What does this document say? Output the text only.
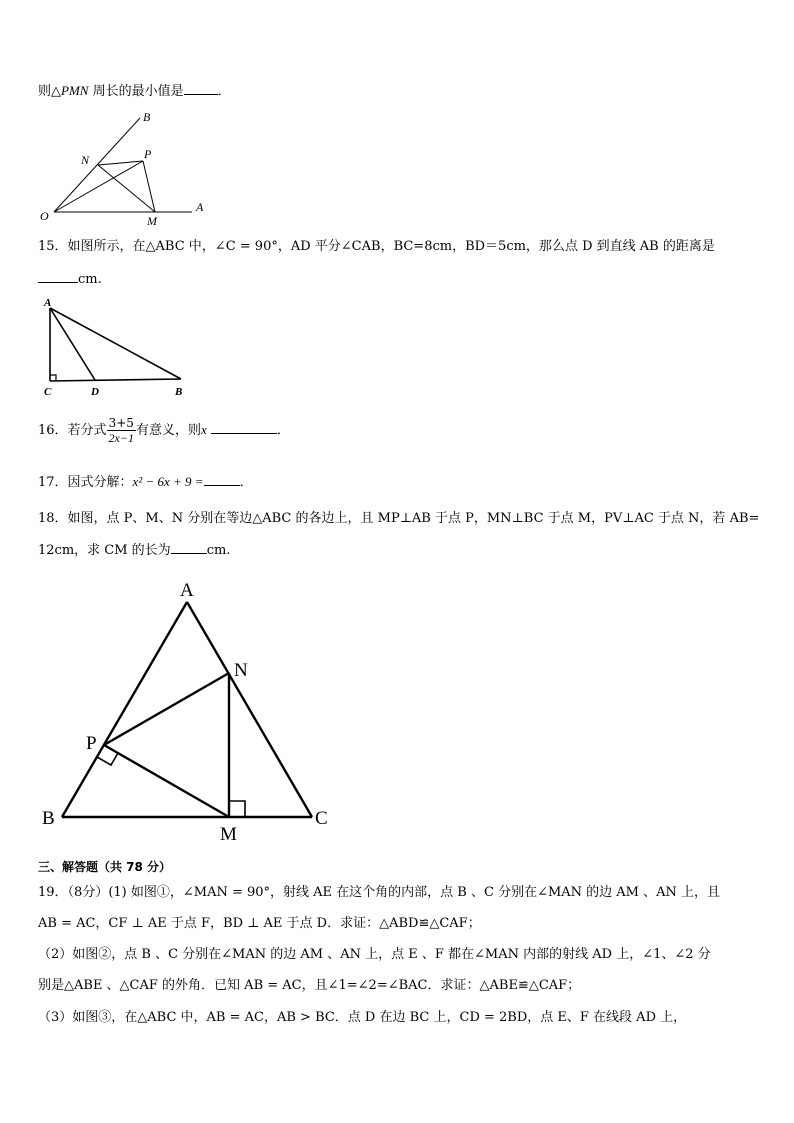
则△PMN 周长的最小值是	．
B
N	P
O	M
A
15．如图所示，在△ABC 中，∠C = 90°，AD 平分∠CAB，BC=8cm，BD＝5cm，那么点 D 到直线 AB 的距离是
cm.
A
C	D	B
16．若分式 $\frac{3+5}{2x-1}$ 有意义，则x	．
17．因式分解：x² − 6x + 9 =	．
18．如图，点 P、M、N 分别在等边△ABC 的各边上，且 MP⊥AB 于点 P，MN⊥BC 于点 M，PV⊥AC 于点 N，若 AB=
12cm，求 CM 的长为	cm.
A
N
P
B
M
C
三、解答题（共 78 分）
19．（8分）(1) 如图①，∠MAN = 90°，射线 AE 在这个角的内部，点 B 、C 分别在∠MAN 的边 AM 、AN 上，且
AB = AC，CF ⊥ AE 于点 F，BD ⊥ AE 于点 D．求证：△ABD≌△CAF；
（2）如图②，点 B 、C 分别在∠MAN 的边 AM 、AN 上，点 E 、F 都在∠MAN 内部的射线 AD 上，∠1、∠2 分
别是△ABE 、△CAF 的外角．已知 AB = AC，且∠1=∠2=∠BAC．求证：△ABE≌△CAF；
（3）如图③，在△ABC 中，AB = AC，AB > BC．点 D 在边 BC 上，CD = 2BD，点 E、F 在线段 AD 上，
